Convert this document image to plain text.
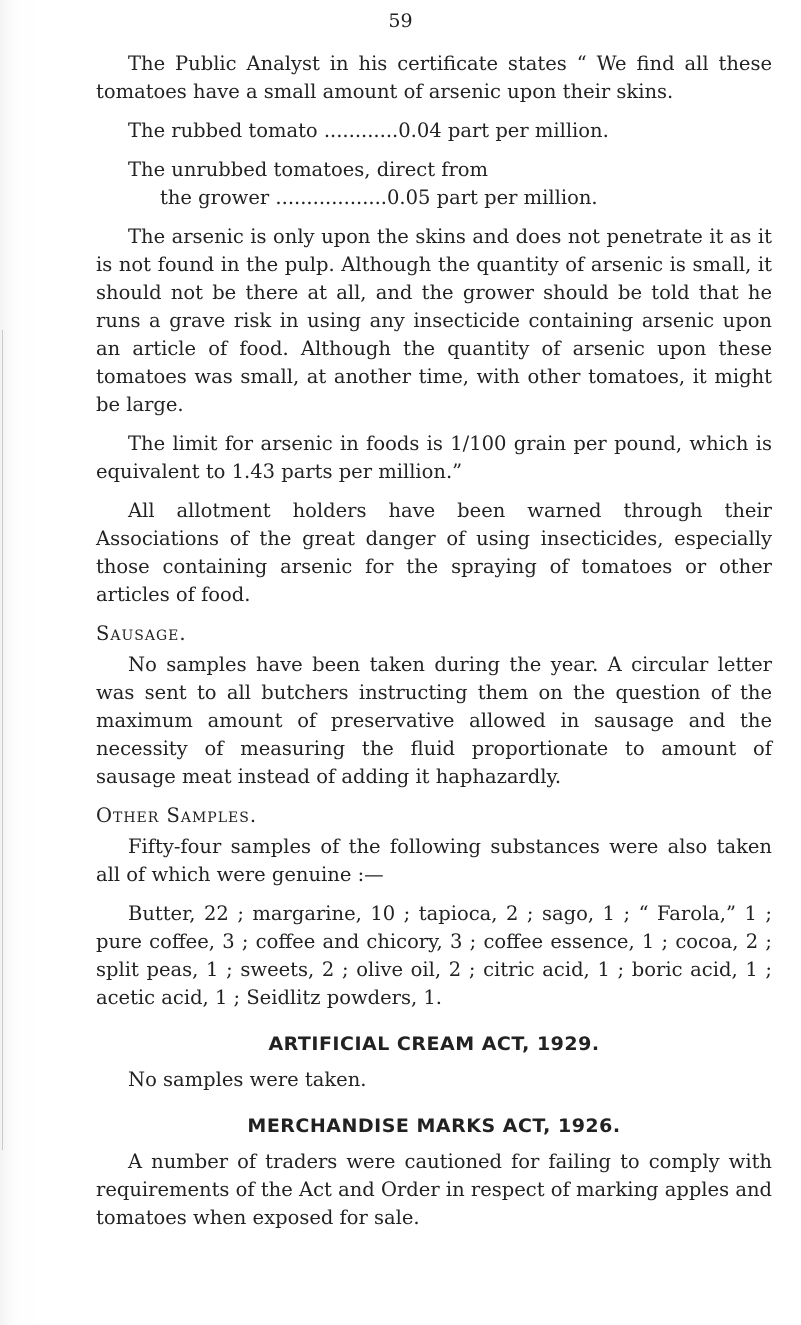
59

The Public Analyst in his certificate states “ We find all these tomatoes have a small amount of arsenic upon their skins.

The rubbed tomato ............0.04 part per million.

The unrubbed tomatoes, direct from

the grower ..................0.05 part per million.

The arsenic is only upon the skins and does not penetrate it as it is not found in the pulp. Although the quantity of arsenic is small, it should not be there at all, and the grower should be told that he runs a grave risk in using any insecticide containing arsenic upon an article of food. Although the quantity of arsenic upon these tomatoes was small, at another time, with other tomatoes, it might be large.

The limit for arsenic in foods is 1/100 grain per pound, which is equivalent to 1.43 parts per million.”

All allotment holders have been warned through their Associations of the great danger of using insecticides, especially those containing arsenic for the spraying of tomatoes or other articles of food.

Sausage.

No samples have been taken during the year. A circular letter was sent to all butchers instructing them on the question of the maximum amount of preservative allowed in sausage and the necessity of measuring the fluid proportionate to amount of sausage meat instead of adding it haphazardly.

Other Samples.

Fifty-four samples of the following substances were also taken all of which were genuine :—

Butter, 22 ; margarine, 10 ; tapioca, 2 ; sago, 1 ; “ Farola,” 1 ; pure coffee, 3 ; coffee and chicory, 3 ; coffee essence, 1 ; cocoa, 2 ; split peas, 1 ; sweets, 2 ; olive oil, 2 ; citric acid, 1 ; boric acid, 1 ; acetic acid, 1 ; Seidlitz powders, 1.

ARTIFICIAL CREAM ACT, 1929.

No samples were taken.

MERCHANDISE MARKS ACT, 1926.

A number of traders were cautioned for failing to comply with requirements of the Act and Order in respect of marking apples and tomatoes when exposed for sale.
